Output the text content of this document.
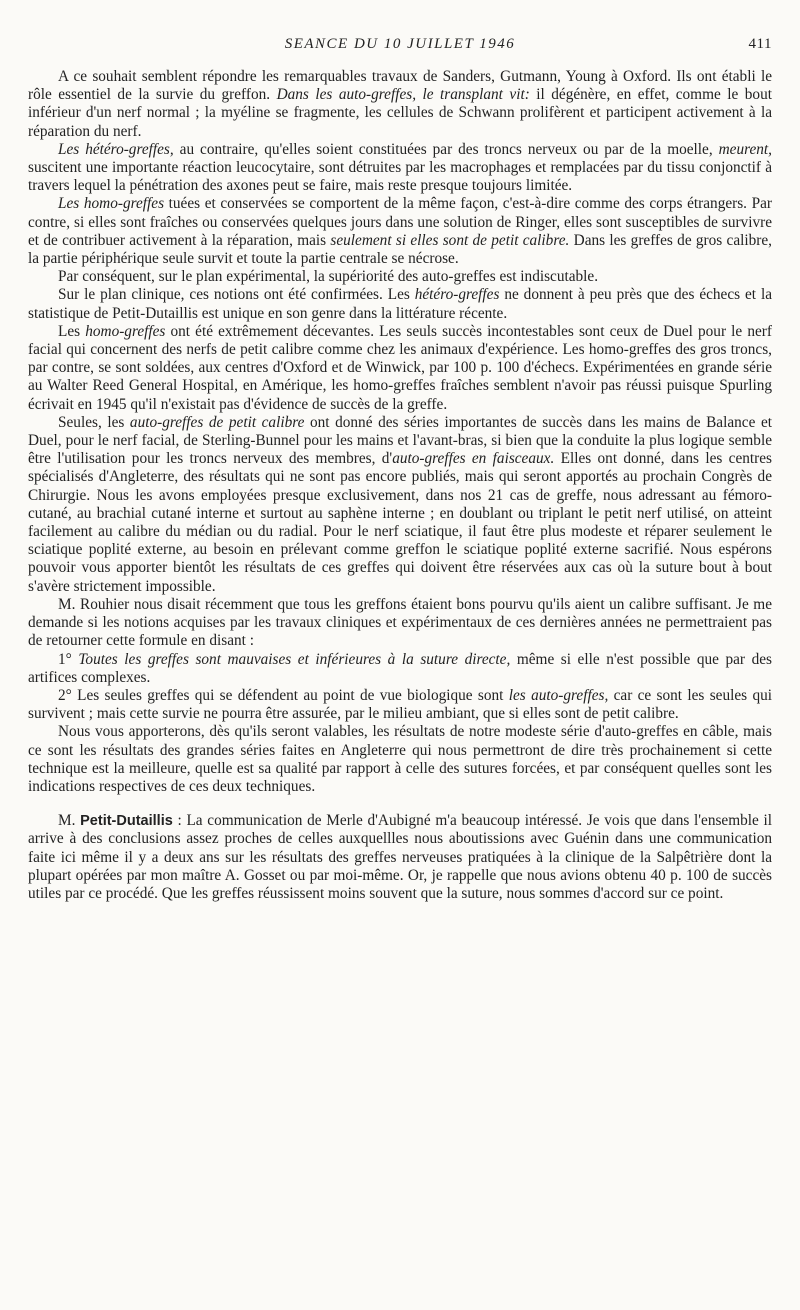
SEANCE DU 10 JUILLET 1946	411

A ce souhait semblent répondre les remarquables travaux de Sanders, Gutmann, Young à Oxford. Ils ont établi le rôle essentiel de la survie du greffon. Dans les auto-greffes, le transplant vit: il dégénère, en effet, comme le bout inférieur d'un nerf normal ; la myéline se fragmente, les cellules de Schwann prolifèrent et participent activement à la réparation du nerf.

Les hétéro-greffes, au contraire, qu'elles soient constituées par des troncs nerveux ou par de la moelle, meurent, suscitent une importante réaction leucocytaire, sont détruites par les macrophages et remplacées par du tissu conjonctif à travers lequel la pénétration des axones peut se faire, mais reste presque toujours limitée.

Les homo-greffes tuées et conservées se comportent de la même façon, c'est-à-dire comme des corps étrangers. Par contre, si elles sont fraîches ou conservées quelques jours dans une solution de Ringer, elles sont susceptibles de survivre et de contribuer activement à la réparation, mais seulement si elles sont de petit calibre. Dans les greffes de gros calibre, la partie périphérique seule survit et toute la partie centrale se nécrose.

Par conséquent, sur le plan expérimental, la supériorité des auto-greffes est indiscutable.

Sur le plan clinique, ces notions ont été confirmées. Les hétéro-greffes ne donnent à peu près que des échecs et la statistique de Petit-Dutaillis est unique en son genre dans la littérature récente.

Les homo-greffes ont été extrêmement décevantes. Les seuls succès incontestables sont ceux de Duel pour le nerf facial qui concernent des nerfs de petit calibre comme chez les animaux d'expérience. Les homo-greffes des gros troncs, par contre, se sont soldées, aux centres d'Oxford et de Winwick, par 100 p. 100 d'échecs. Expérimentées en grande série au Walter Reed General Hospital, en Amérique, les homo-greffes fraîches semblent n'avoir pas réussi puisque Spurling écrivait en 1945 qu'il n'existait pas d'évidence de succès de la greffe.

Seules, les auto-greffes de petit calibre ont donné des séries importantes de succès dans les mains de Balance et Duel, pour le nerf facial, de Sterling-Bunnel pour les mains et l'avant-bras, si bien que la conduite la plus logique semble être l'utilisation pour les troncs nerveux des membres, d'auto-greffes en faisceaux. Elles ont donné, dans les centres spécialisés d'Angleterre, des résultats qui ne sont pas encore publiés, mais qui seront apportés au prochain Congrès de Chirurgie. Nous les avons employées presque exclusivement, dans nos 21 cas de greffe, nous adressant au fémoro-cutané, au brachial cutané interne et surtout au saphène interne ; en doublant ou triplant le petit nerf utilisé, on atteint facilement au calibre du médian ou du radial. Pour le nerf sciatique, il faut être plus modeste et réparer seulement le sciatique poplité externe, au besoin en prélevant comme greffon le sciatique poplité externe sacrifié. Nous espérons pouvoir vous apporter bientôt les résultats de ces greffes qui doivent être réservées aux cas où la suture bout à bout s'avère strictement impossible.

M. Rouhier nous disait récemment que tous les greffons étaient bons pourvu qu'ils aient un calibre suffisant. Je me demande si les notions acquises par les travaux cliniques et expérimentaux de ces dernières années ne permettraient pas de retourner cette formule en disant :

1° Toutes les greffes sont mauvaises et inférieures à la suture directe, même si elle n'est possible que par des artifices complexes.

2° Les seules greffes qui se défendent au point de vue biologique sont les auto-greffes, car ce sont les seules qui survivent ; mais cette survie ne pourra être assurée, par le milieu ambiant, que si elles sont de petit calibre.

Nous vous apporterons, dès qu'ils seront valables, les résultats de notre modeste série d'auto-greffes en câble, mais ce sont les résultats des grandes séries faites en Angleterre qui nous permettront de dire très prochainement si cette technique est la meilleure, quelle est sa qualité par rapport à celle des sutures forcées, et par conséquent quelles sont les indications respectives de ces deux techniques.

M. Petit-Dutaillis : La communication de Merle d'Aubigné m'a beaucoup intéressé. Je vois que dans l'ensemble il arrive à des conclusions assez proches de celles auxquellles nous aboutissions avec Guénin dans une communication faite ici même il y a deux ans sur les résultats des greffes nerveuses pratiquées à la clinique de la Salpêtrière dont la plupart opérées par mon maître A. Gosset ou par moi-même. Or, je rappelle que nous avions obtenu 40 p. 100 de succès utiles par ce procédé. Que les greffes réussissent moins souvent que la suture, nous sommes d'accord sur ce point.
